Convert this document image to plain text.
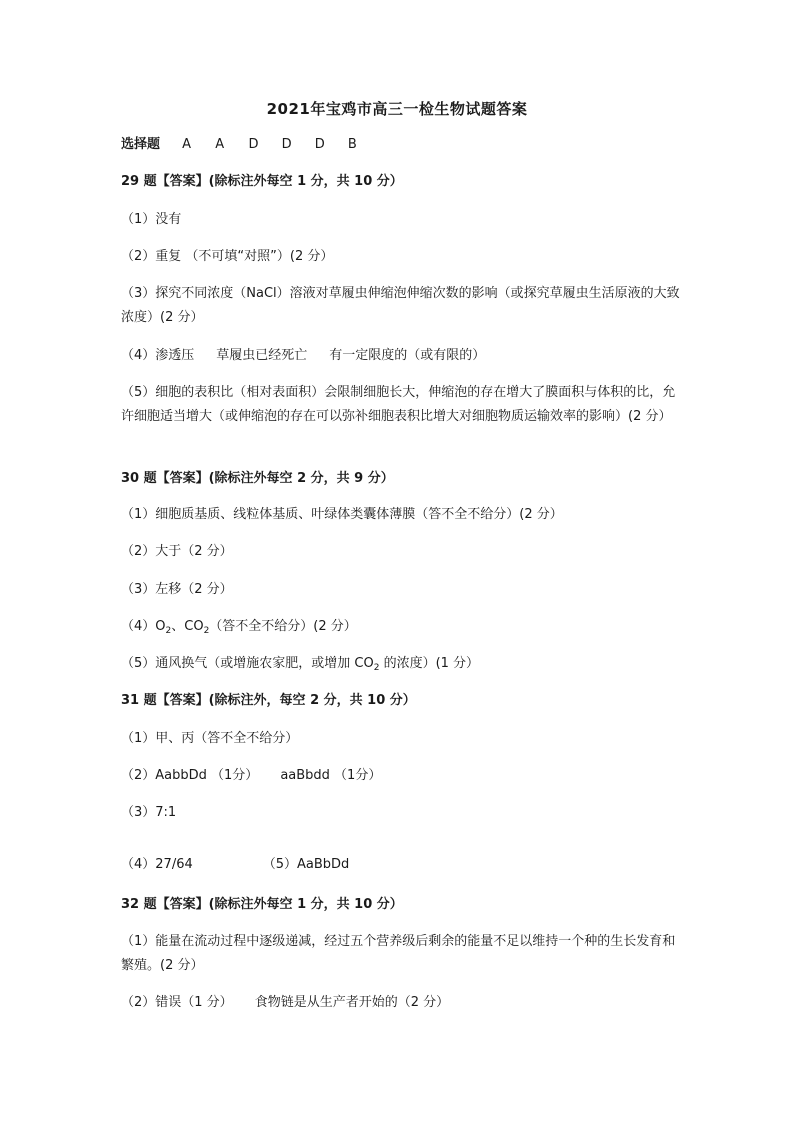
2021年宝鸡市高三一检生物试题答案
选择题 A A D D D B
29 题【答案】(除标注外每空 1 分，共 10 分）
（1）没有
（2）重复 （不可填“对照”）(2 分）
（3）探究不同浓度（NaCl）溶液对草履虫伸缩泡伸缩次数的影响（或探究草履虫生活原液的大致浓度）(2 分）
（4）渗透压 草履虫已经死亡 有一定限度的（或有限的）
（5）细胞的表积比（相对表面积）会限制细胞长大，伸缩泡的存在增大了膜面积与体积的比，允许细胞适当增大（或伸缩泡的存在可以弥补细胞表积比增大对细胞物质运输效率的影响）(2 分）
30 题【答案】(除标注外每空 2 分，共 9 分）
（1）细胞质基质、线粒体基质、叶绿体类囊体薄膜（答不全不给分）(2 分）
（2）大于（2 分）
（3）左移（2 分）
$(4)O_2$、$CO_2$（答不全不给分）(2 分）
（5）通风换气（或增施农家肥，或增加 $CO_2$ 的浓度）(1 分）
31 题【答案】(除标注外，每空 2 分，共 10 分）
（1）甲、丙（答不全不给分）
（2）AabbDd （1分） aaBbdd （1分）
（3）7:1
（4）27/64	（5）AaBbDd
32 题【答案】(除标注外每空 1 分，共 10 分）
（1）能量在流动过程中逐级递减，经过五个营养级后剩余的能量不足以维持一个种的生长发育和繁殖。(2 分）
（2）错误（1 分） 食物链是从生产者开始的（2 分）
